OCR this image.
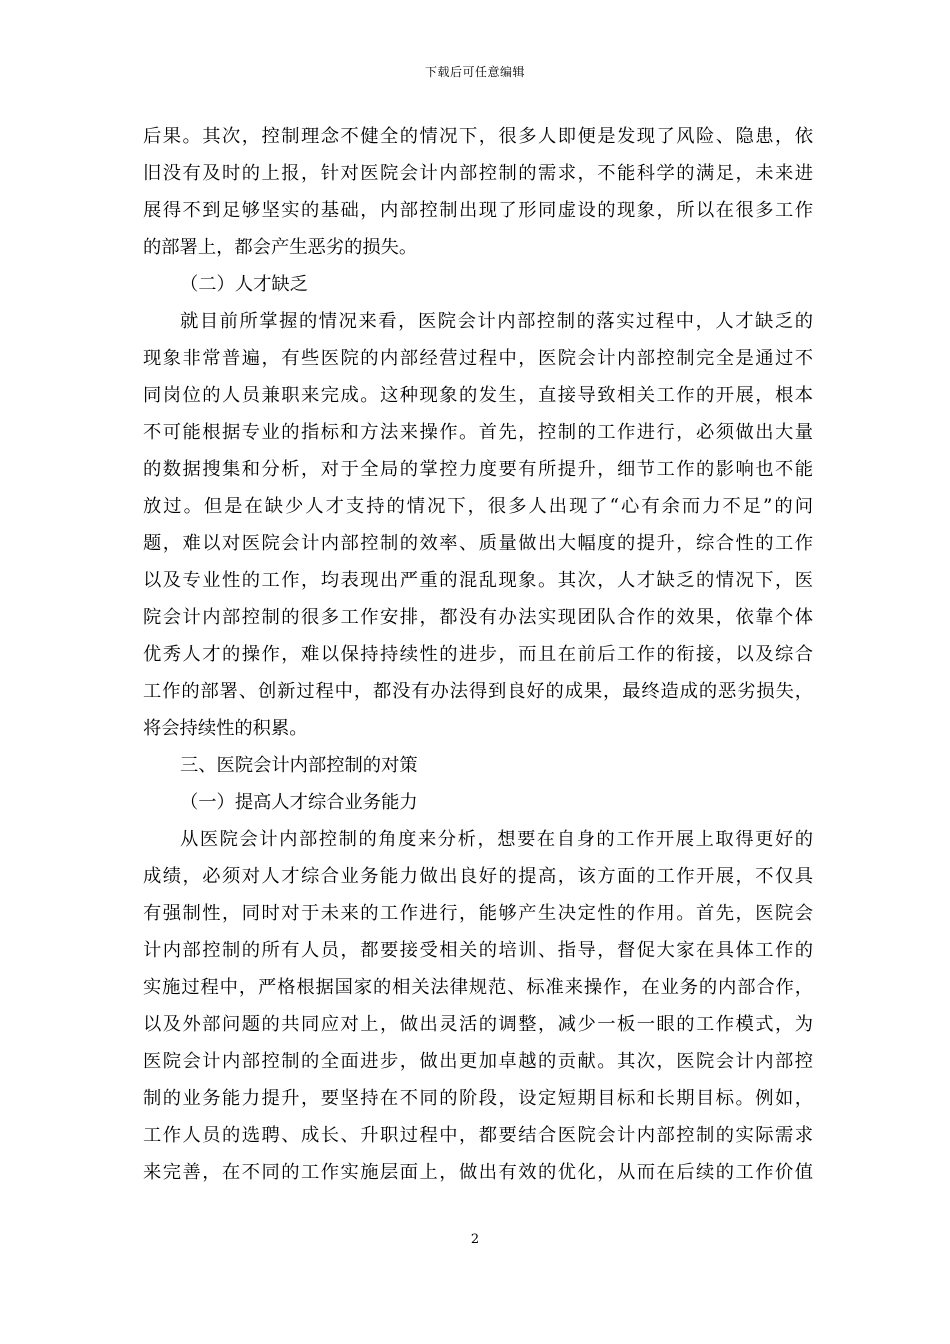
下载后可任意编辑
后果。其次，控制理念不健全的情况下，很多人即便是发现了风险、隐患，依
旧没有及时的上报，针对医院会计内部控制的需求，不能科学的满足，未来进
展得不到足够坚实的基础，内部控制出现了形同虚设的现象，所以在很多工作
的部署上，都会产生恶劣的损失。
（二）人才缺乏
就目前所掌握的情况来看，医院会计内部控制的落实过程中，人才缺乏的
现象非常普遍，有些医院的内部经营过程中，医院会计内部控制完全是通过不
同岗位的人员兼职来完成。这种现象的发生，直接导致相关工作的开展，根本
不可能根据专业的指标和方法来操作。首先，控制的工作进行，必须做出大量
的数据搜集和分析，对于全局的掌控力度要有所提升，细节工作的影响也不能
放过。但是在缺少人才支持的情况下，很多人出现了“心有余而力不足”的问
题，难以对医院会计内部控制的效率、质量做出大幅度的提升，综合性的工作
以及专业性的工作，均表现出严重的混乱现象。其次，人才缺乏的情况下，医
院会计内部控制的很多工作安排，都没有办法实现团队合作的效果，依靠个体
优秀人才的操作，难以保持持续性的进步，而且在前后工作的衔接，以及综合
工作的部署、创新过程中，都没有办法得到良好的成果，最终造成的恶劣损失，
将会持续性的积累。
三、医院会计内部控制的对策
（一）提高人才综合业务能力
从医院会计内部控制的角度来分析，想要在自身的工作开展上取得更好的
成绩，必须对人才综合业务能力做出良好的提高，该方面的工作开展，不仅具
有强制性，同时对于未来的工作进行，能够产生决定性的作用。首先，医院会
计内部控制的所有人员，都要接受相关的培训、指导，督促大家在具体工作的
实施过程中，严格根据国家的相关法律规范、标准来操作，在业务的内部合作，
以及外部问题的共同应对上，做出灵活的调整，减少一板一眼的工作模式，为
医院会计内部控制的全面进步，做出更加卓越的贡献。其次，医院会计内部控
制的业务能力提升，要坚持在不同的阶段，设定短期目标和长期目标。例如，
工作人员的选聘、成长、升职过程中，都要结合医院会计内部控制的实际需求
来完善，在不同的工作实施层面上，做出有效的优化，从而在后续的工作价值
2
